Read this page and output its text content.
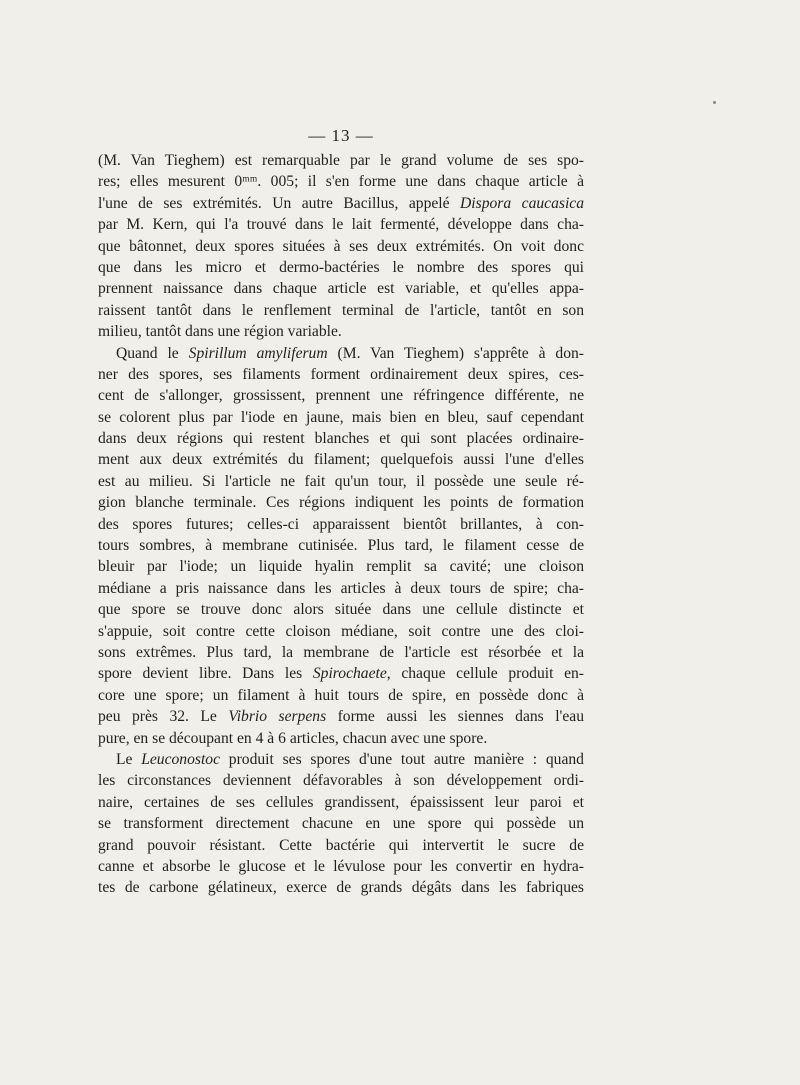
— 13 —
(M. Van Tieghem) est remarquable par le grand volume de ses spo-
res; elles mesurent 0ᵐᵐ. 005; il s'en forme une dans chaque article à
l'une de ses extrémités. Un autre Bacillus, appelé Dispora caucasica
par M. Kern, qui l'a trouvé dans le lait fermenté, développe dans cha-
que bâtonnet, deux spores situées à ses deux extrémités. On voit donc
que dans les micro et dermo-bactéries le nombre des spores qui
prennent naissance dans chaque article est variable, et qu'elles appa-
raissent tantôt dans le renflement terminal de l'article, tantôt en son
milieu, tantôt dans une région variable.
Quand le Spirillum amyliferum (M. Van Tieghem) s'apprête à don-
ner des spores, ses filaments forment ordinairement deux spires, ces-
cent de s'allonger, grossissent, prennent une réfringence différente, ne
se colorent plus par l'iode en jaune, mais bien en bleu, sauf cependant
dans deux régions qui restent blanches et qui sont placées ordinaire-
ment aux deux extrémités du filament; quelquefois aussi l'une d'elles
est au milieu. Si l'article ne fait qu'un tour, il possède une seule ré-
gion blanche terminale. Ces régions indiquent les points de formation
des spores futures; celles-ci apparaissent bientôt brillantes, à con-
tours sombres, à membrane cutinisée. Plus tard, le filament cesse de
bleuir par l'iode; un liquide hyalin remplit sa cavité; une cloison
médiane a pris naissance dans les articles à deux tours de spire; cha-
que spore se trouve donc alors située dans une cellule distincte et
s'appuie, soit contre cette cloison médiane, soit contre une des cloi-
sons extrêmes. Plus tard, la membrane de l'article est résorbée et la
spore devient libre. Dans les Spirochaete, chaque cellule produit en-
core une spore; un filament à huit tours de spire, en possède donc à
peu près 32. Le Vibrio serpens forme aussi les siennes dans l'eau
pure, en se découpant en 4 à 6 articles, chacun avec une spore.
Le Leuconostoc produit ses spores d'une tout autre manière : quand
les circonstances deviennent défavorables à son développement ordi-
naire, certaines de ses cellules grandissent, épaississent leur paroi et
se transforment directement chacune en une spore qui possède un
grand pouvoir résistant. Cette bactérie qui intervertit le sucre de
canne et absorbe le glucose et le lévulose pour les convertir en hydra-
tes de carbone gélatineux, exerce de grands dégâts dans les fabriques
